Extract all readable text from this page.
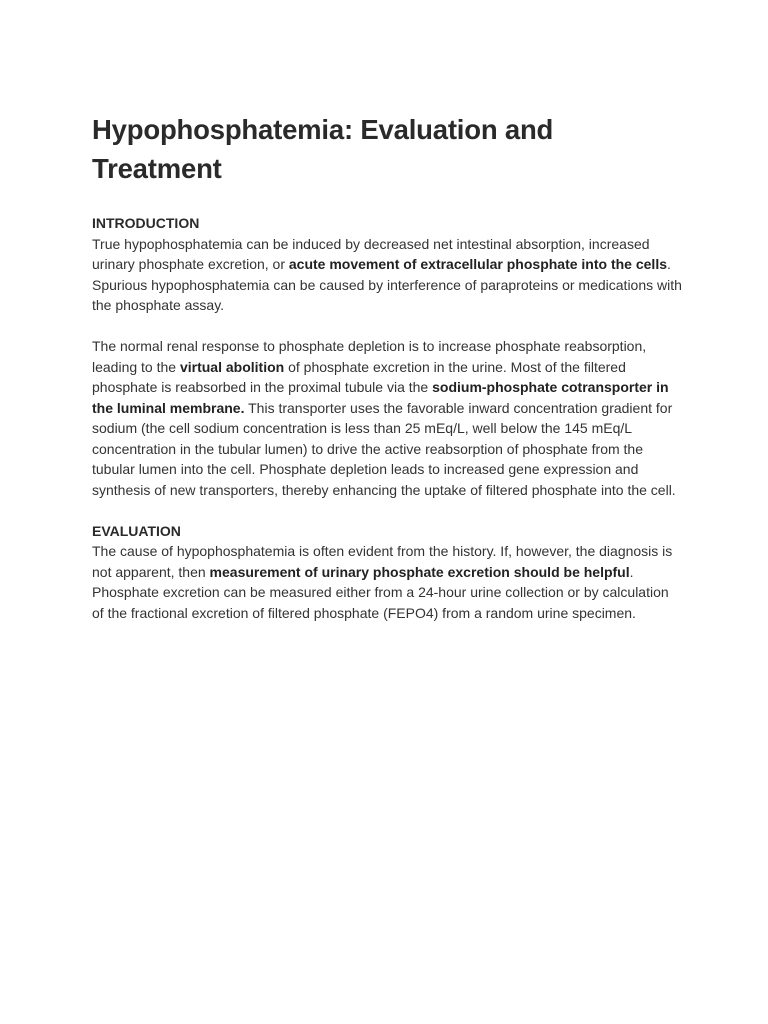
Hypophosphatemia: Evaluation and Treatment
INTRODUCTION

True hypophosphatemia can be induced by decreased net intestinal absorption, increased urinary phosphate excretion, or acute movement of extracellular phosphate into the cells. Spurious hypophosphatemia can be caused by interference of paraproteins or medications with the phosphate assay.

The normal renal response to phosphate depletion is to increase phosphate reabsorption, leading to the virtual abolition of phosphate excretion in the urine. Most of the filtered phosphate is reabsorbed in the proximal tubule via the sodium-phosphate cotransporter in the luminal membrane. This transporter uses the favorable inward concentration gradient for sodium (the cell sodium concentration is less than 25 mEq/L, well below the 145 mEq/L concentration in the tubular lumen) to drive the active reabsorption of phosphate from the tubular lumen into the cell. Phosphate depletion leads to increased gene expression and synthesis of new transporters, thereby enhancing the uptake of filtered phosphate into the cell.

EVALUATION

The cause of hypophosphatemia is often evident from the history. If, however, the diagnosis is not apparent, then measurement of urinary phosphate excretion should be helpful. Phosphate excretion can be measured either from a 24-hour urine collection or by calculation of the fractional excretion of filtered phosphate (FEPO4) from a random urine specimen.
